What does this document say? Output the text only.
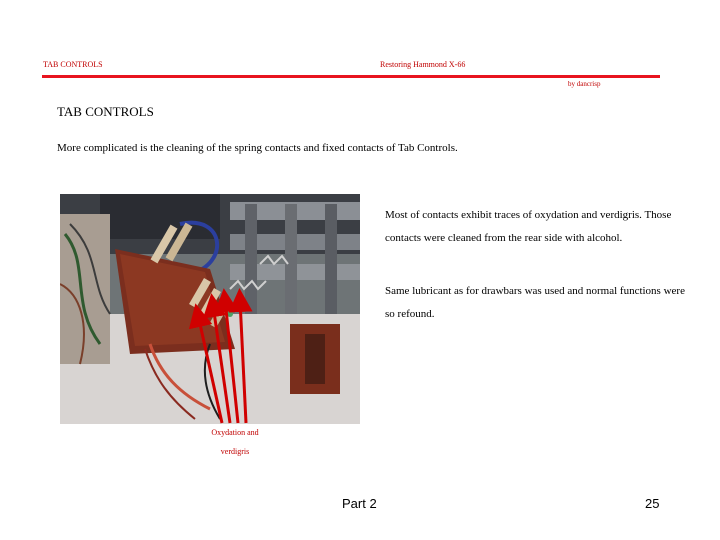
TAB CONTROLS	Restoring Hammond X-66
by dancrisp
TAB CONTROLS
More complicated is the cleaning of the spring contacts and fixed contacts of Tab Controls.
Oxydation and
verdigris
Most of contacts exhibit traces of oxydation and verdigris. Those contacts were cleaned from the rear side with alcohol.
Same lubricant as for drawbars was used and normal functions were so refound.
Part 2	25
